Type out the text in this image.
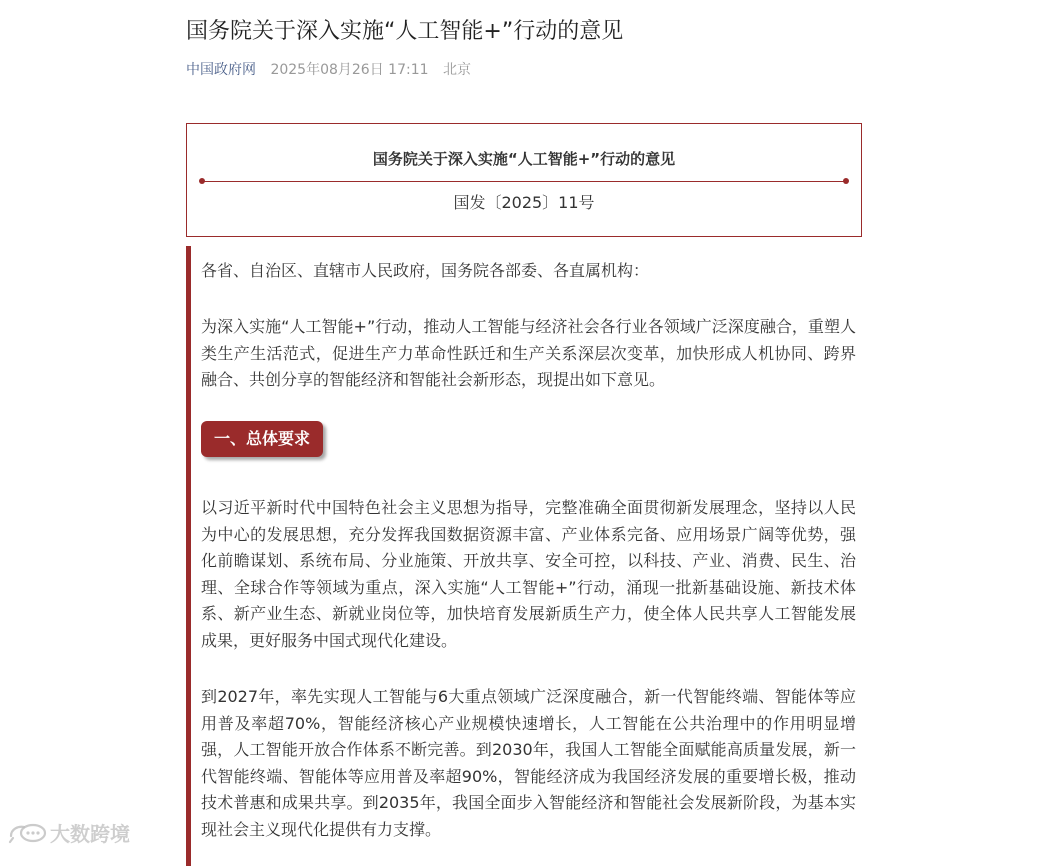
国务院关于深入实施“人工智能+”行动的意见
中国政府网 2025年08月26日 17:11 北京
国务院关于深入实施“人工智能+”行动的意见
国发〔2025〕11号

各省、自治区、直辖市人民政府，国务院各部委、各直属机构：

为深入实施“人工智能+”行动，推动人工智能与经济社会各行业各领域广泛深度融合，重塑人类生产生活范式，促进生产力革命性跃迁和生产关系深层次变革，加快形成人机协同、跨界融合、共创分享的智能经济和智能社会新形态，现提出如下意见。

一、总体要求

以习近平新时代中国特色社会主义思想为指导，完整准确全面贯彻新发展理念，坚持以人民为中心的发展思想，充分发挥我国数据资源丰富、产业体系完备、应用场景广阔等优势，强化前瞻谋划、系统布局、分业施策、开放共享、安全可控，以科技、产业、消费、民生、治理、全球合作等领域为重点，深入实施“人工智能+”行动，涌现一批新基础设施、新技术体系、新产业生态、新就业岗位等，加快培育发展新质生产力，使全体人民共享人工智能发展成果，更好服务中国式现代化建设。

到2027年，率先实现人工智能与6大重点领域广泛深度融合，新一代智能终端、智能体等应用普及率超70%，智能经济核心产业规模快速增长，人工智能在公共治理中的作用明显增强，人工智能开放合作体系不断完善。到2030年，我国人工智能全面赋能高质量发展，新一代智能终端、智能体等应用普及率超90%，智能经济成为我国经济发展的重要增长极，推动技术普惠和成果共享。到2035年，我国全面步入智能经济和智能社会发展新阶段，为基本实现社会主义现代化提供有力支撑。

大数跨境
